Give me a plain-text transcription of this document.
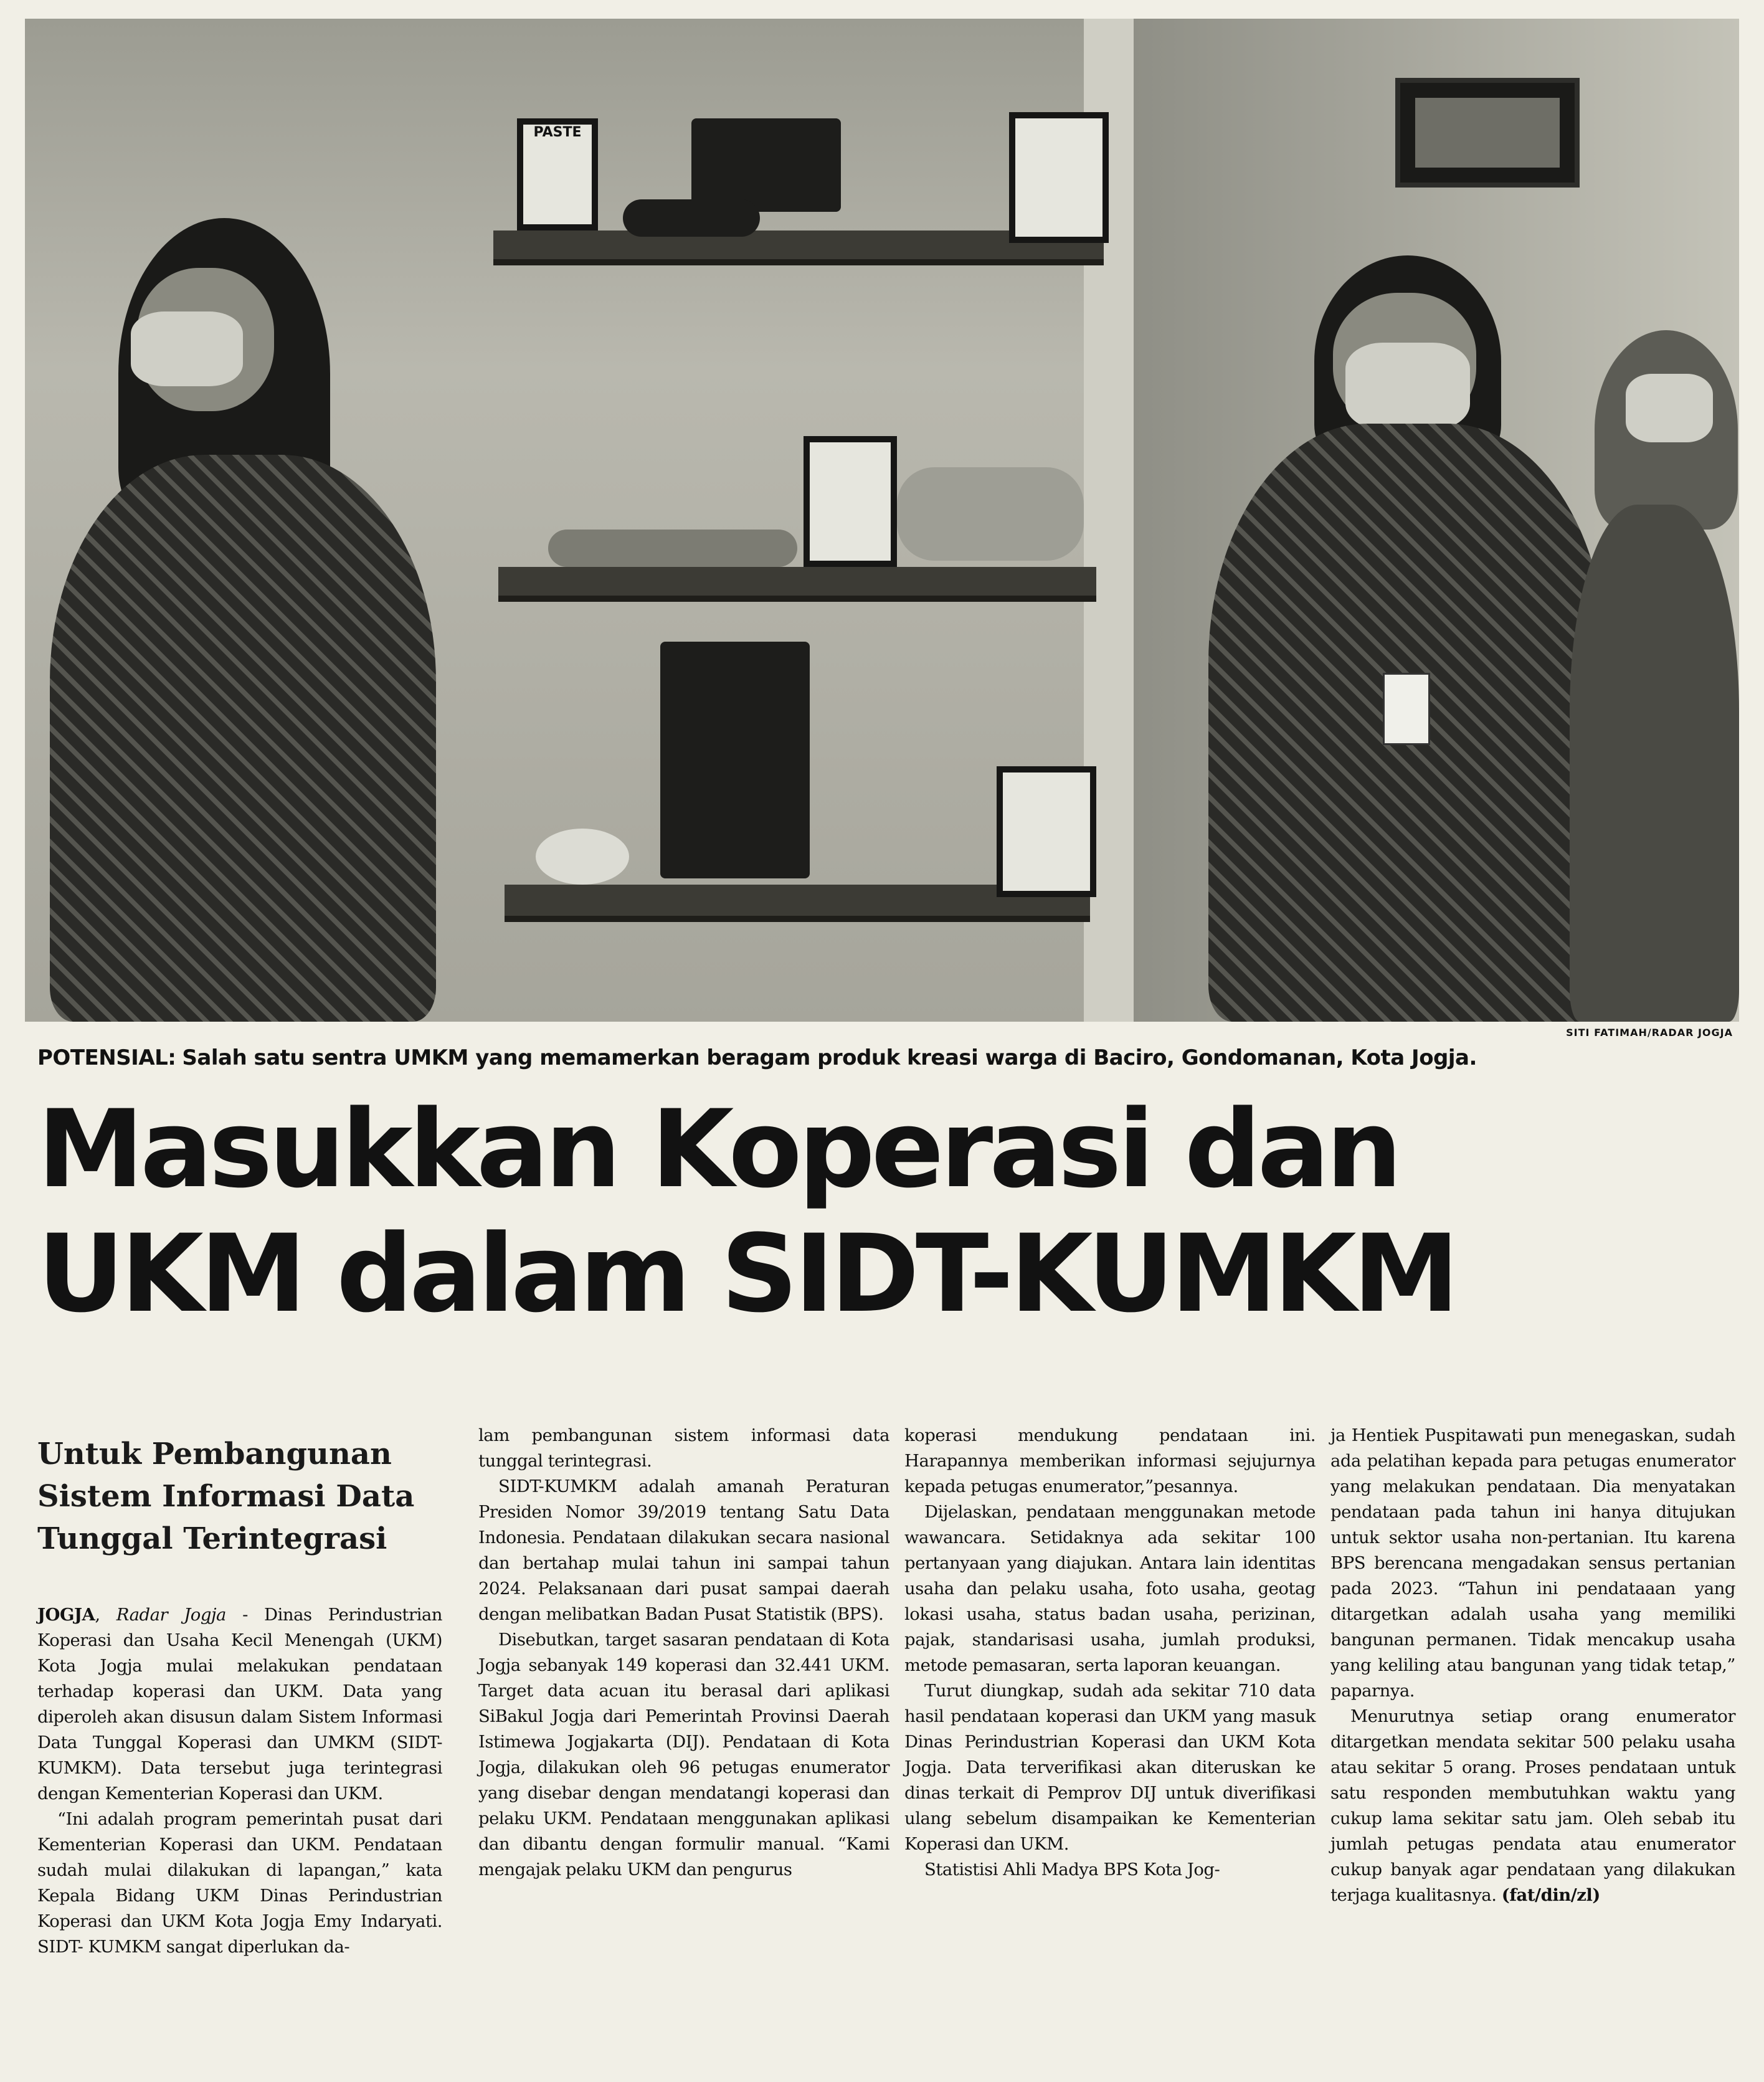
PASTE
SITI FATIMAH/RADAR JOGJA
POTENSIAL: Salah satu sentra UMKM yang memamerkan beragam produk kreasi warga di Baciro, Gondomanan, Kota Jogja.
Masukkan Koperasi dan
UKM dalam SIDT-KUMKM
Untuk Pembangunan Sistem Informasi Data Tunggal Terintegrasi

JOGJA, Radar Jogja - Dinas Perindustrian Koperasi dan Usaha Kecil Menengah (UKM) Kota Jogja mulai melakukan pendataan terhadap koperasi dan UKM. Data yang diperoleh akan disusun dalam Sistem Informasi Data Tunggal Koperasi dan UMKM (SIDT-KUMKM). Data tersebut juga terintegrasi dengan Kementerian Koperasi dan UKM.

“Ini adalah program pemerintah pusat dari Kementerian Koperasi dan UKM. Pendataan sudah mulai dilakukan di lapangan,” kata Kepala Bidang UKM Dinas Perindustrian Koperasi dan UKM Kota Jogja Emy Indaryati. SIDT- KUMKM sangat diperlukan da-

lam pembangunan sistem informasi data tunggal terintegrasi.

SIDT-KUMKM adalah amanah Peraturan Presiden Nomor 39/2019 tentang Satu Data Indonesia. Pendataan dilakukan secara nasional dan bertahap mulai tahun ini sampai tahun 2024. Pelaksanaan dari pusat sampai daerah dengan melibatkan Badan Pusat Statistik (BPS).

Disebutkan, target sasaran pendataan di Kota Jogja sebanyak 149 koperasi dan 32.441 UKM. Target data acuan itu berasal dari aplikasi SiBakul Jogja dari Pemerintah Provinsi Daerah Istimewa Jogjakarta (DIJ). Pendataan di Kota Jogja, dilakukan oleh 96 petugas enumerator yang disebar dengan mendatangi koperasi dan pelaku UKM. Pendataan menggunakan aplikasi dan dibantu dengan formulir manual. “Kami mengajak pelaku UKM dan pengurus

koperasi mendukung pendataan ini. Harapannya memberikan informasi sejujurnya kepada petugas enumerator,”pesannya.

Dijelaskan, pendataan menggunakan metode wawancara. Setidaknya ada sekitar 100 pertanyaan yang diajukan. Antara lain identitas usaha dan pelaku usaha, foto usaha, geotag lokasi usaha, status badan usaha, perizinan, pajak, standarisasi usaha, jumlah produksi, metode pemasaran, serta laporan keuangan.

Turut diungkap, sudah ada sekitar 710 data hasil pendataan koperasi dan UKM yang masuk Dinas Perindustrian Koperasi dan UKM Kota Jogja. Data terverifikasi akan diteruskan ke dinas terkait di Pemprov DIJ untuk diverifikasi ulang sebelum disampaikan ke Kementerian Koperasi dan UKM.

Statistisi Ahli Madya BPS Kota Jog-

ja Hentiek Puspitawati pun menegaskan, sudah ada pelatihan kepada para petugas enumerator yang melakukan pendataan. Dia menyatakan pendataan pada tahun ini hanya ditujukan untuk sektor usaha non-pertanian. Itu karena BPS berencana mengadakan sensus pertanian pada 2023. “Tahun ini pendataaan yang ditargetkan adalah usaha yang memiliki bangunan permanen. Tidak mencakup usaha yang keliling atau bangunan yang tidak tetap,” paparnya.

Menurutnya setiap orang enumerator ditargetkan mendata sekitar 500 pelaku usaha atau sekitar 5 orang. Proses pendataan untuk satu responden membutuhkan waktu yang cukup lama sekitar satu jam. Oleh sebab itu jumlah petugas pendata atau enumerator cukup banyak agar pendataan yang dilakukan terjaga kualitasnya. (fat/din/zl)
